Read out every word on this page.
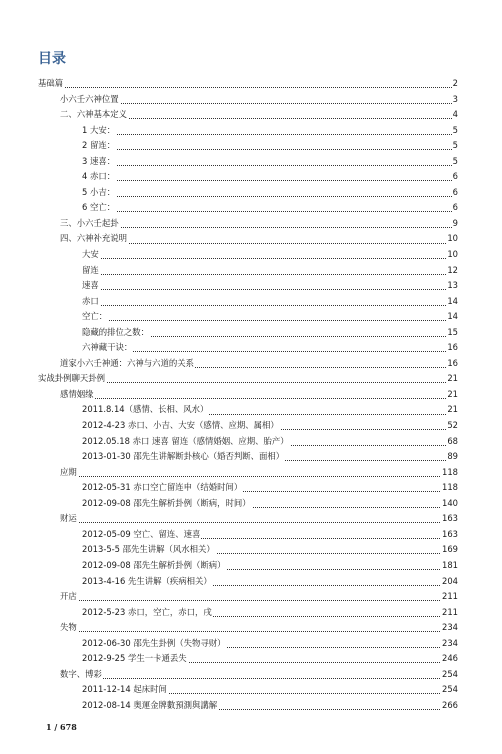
目录
基础篇	2
小六壬六神位置	3
二、六神基本定义	4
1 大安：	5
2 留连：	5
3 速喜：	5
4 赤口：	6
5 小吉：	6
6 空亡：	6
三、小六壬起卦	9
四、六神补充说明	10
大安	10
留连	12
速喜	13
赤口	14
空亡：	14
隐藏的排位之数：	15
六神藏干诀：	16
道家小六壬神通：六神与六道的关系	16
实战卦例聊天卦例	21
感情姻缘	21
2011.8.14（感情、长相、风水）	21
2012-4-23 赤口、小吉、大安（感情、应期、属相）	52
2012.05.18 赤口 速喜 留连（感情婚姻、应期、胎产）	68
2013-01-30 邵先生讲解断卦核心（婚否判断、面相）	89
应期	118
2012-05-31 赤口空亡留连申（结婚时间）	118
2012-09-08 邵先生解析卦例（断病，时间）	140
财运	163
2012-05-09 空亡、留连、速喜	163
2013-5-5 邵先生讲解（风水相关）	169
2012-09-08 邵先生解析卦例（断病）	181
2013-4-16 先生讲解（疾病相关）	204
开店	211
2012-5-23 赤口，空亡，赤口，戌	211
失物	234
2012-06-30 邵先生卦例（失物寻财）	234
2012-9-25 学生一卡通丢失	246
数字、博彩	254
2011-12-14 起床时间	254
2012-08-14 奥運金牌數預測與講解	266
1 / 678
